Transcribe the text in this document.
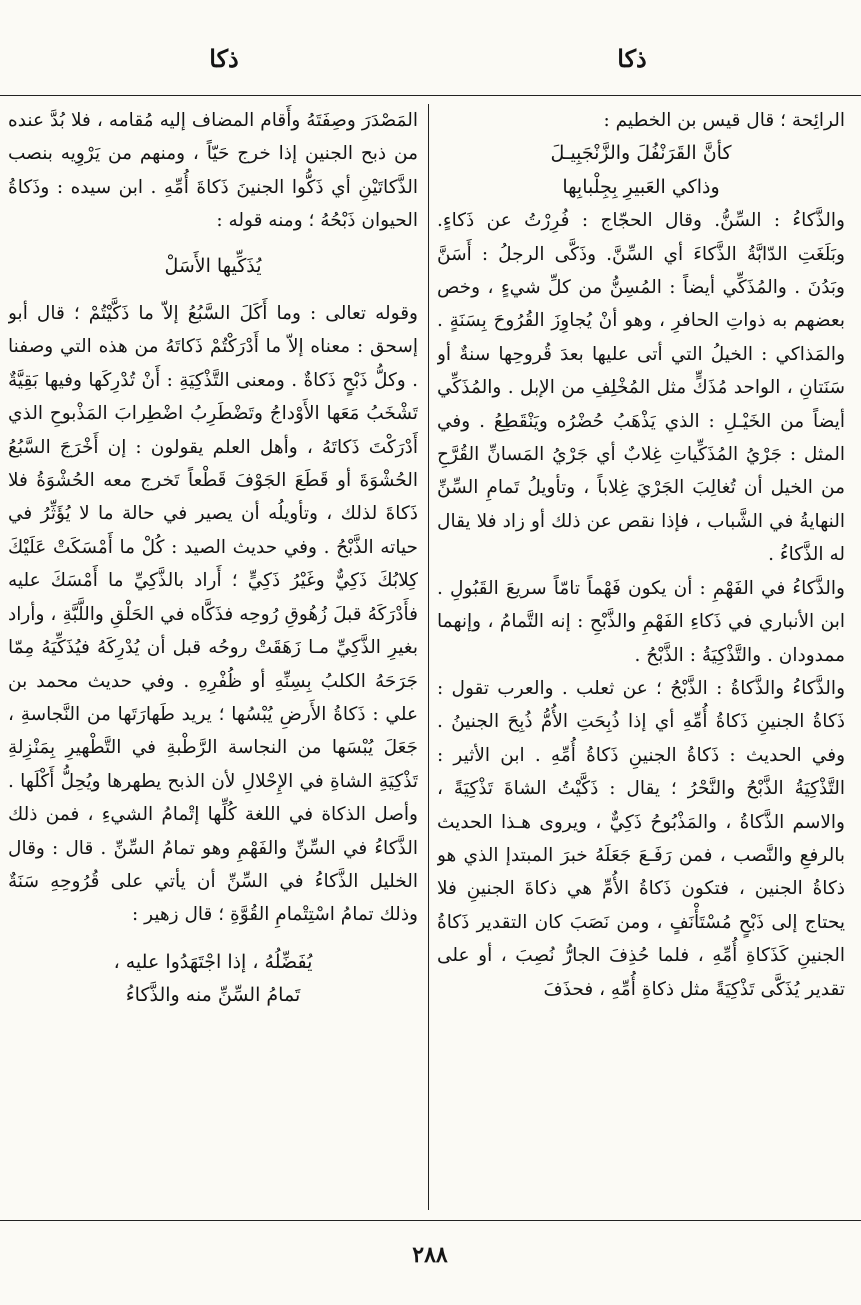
ذكا
ذكا

الرائِحة ؛ قال قيس بن الخطيم :

كأنَّ القَرَنْفُلَ والزَّنْجَبِيـلَ

وذاكي العَبيرِ بِجِلْبابِها

والذَّكاءُ : السِّنُّ. وقال الحجّاج : فُرِرْتُ عن ذَكاءٍ. وبَلَغَتِ الدّابَّةُ الذَّكاءَ أي السِّنَّ. وذَكَّى الرجلُ : أَسَنَّ وبَدُنَ . والمُذَكِّي أيضاً : المُسِنُّ من كلِّ شيءٍ ، وخص بعضهم به ذواتِ الحافرِ ، وهو أنْ يُجاوِزَ القُرُوحَ بِسَنَةٍ . والمَذاكي : الخيلُ التي أتى عليها بعدَ قُروحِها سنةٌ أو سَنَتانِ ، الواحد مُذَكٍّ مثل المُخْلِفِ من الإبل . والمُذَكِّي أيضاً من الخَيْـلِ : الذي يَذْهَبُ حُضْرُه ويَنْقَطِعُ . وفي المثل : جَرْيُ المُذَكِّياتِ غِلابٌ أي جَرْيُ المَسانِّ القُرَّحِ من الخيل أن تُغالِبَ الجَرْيَ غِلاباً ، وتأويلُ تَمامِ السِّنِّ النهايةُ في الشَّباب ، فإذا نقص عن ذلك أو زاد فلا يقال له الذَّكاءُ .

والذَّكاءُ في الفَهْمِ : أن يكون فَهْماً تامّاً سريعَ القَبُولِ . ابن الأنباري في ذَكاءِ الفَهْمِ والذَّبْحِ : إنه التَّمامُ ، وإنهما ممدودان . والتَّذْكِيَةُ : الذَّبْحُ .

والذَّكاءُ والذَّكاةُ : الذَّبْحُ ؛ عن ثعلب . والعرب تقول : ذَكاةُ الجنينِ ذَكاةُ أُمِّهِ أي إذا ذُبِحَتِ الأُمُّ ذُبِحَ الجنينُ . وفي الحديث : ذَكاةُ الجنينِ ذَكاةُ أُمِّهِ . ابن الأثير : التَّذْكِيَةُ الذَّبْحُ والنَّحْرُ ؛ يقال : ذَكَّيْتُ الشاةَ تَذْكِيَةً ، والاسم الذَّكاةُ ، والمَذْبُوحُ ذَكِيٌّ ، ويروى هـذا الحديث بالرفعِ والنَّصب ، فمن رَفَـعَ جَعَلَهُ خبرَ المبتدإ الذي هو ذكاةُ الجنين ، فتكون ذَكاةُ الأُمِّ هي ذكاةَ الجنينِ فلا يحتاج إلى ذَبْحٍ مُسْتَأْنَفٍ ، ومن نَصَبَ كان التقدير ذَكاةُ الجنينِ كَذَكاةِ أُمِّهِ ، فلما حُذِفَ الجارُّ نُصِبَ ، أو على تقدير يُذَكَّى تَذْكِيَةً مثل ذكاةِ أُمِّهِ ، فحذَفَ

المَصْدَرَ وصِفَتَهُ وأَقام المضاف إليه مُقامه ، فلا بُدَّ عنده من ذبح الجنين إذا خرج حَيّاً ، ومنهم من يَرْوِيه بنصب الذَّكاتَيْنِ أي ذَكُّوا الجنينَ ذَكاةَ أُمِّهِ . ابن سيده : وذَكاةُ الحيوان ذَبْحُهُ ؛ ومنه قوله :

يُذَكِّيها الأَسَلْ

وقوله تعالى : وما أَكَلَ السَّبُعُ إلاّ ما ذَكَّيْتُمْ ؛ قال أبو إسحق : معناه إلاّ ما أَدْرَكْتُمْ ذَكاتَهُ من هذه التي وصفنا . وكلُّ ذَبْحٍ ذَكاةٌ . ومعنى التَّذْكِيَةِ : أَنْ تُدْرِكَها وفيها بَقِيَّةٌ تَشْخَبُ مَعَها الأَوْداجُ وتَضْطَرِبُ اضْطِرابَ المَذْبوحِ الذي أَدْرَكْتَ ذَكاتَهُ ، وأهل العلم يقولون : إن أَخْرَجَ السَّبُعُ الحُشْوَةَ أو قَطَعَ الجَوْفَ قَطْعاً تَخرج معه الحُشْوَةُ فلا ذَكاةَ لذلك ، وتأويلُه أن يصير في حالة ما لا يُؤَثِّرُ في حياته الذَّبْحُ . وفي حديث الصيد : كُلْ ما أَمْسَكَتْ عَلَيْكَ كِلابُكَ ذَكِيٌّ وغَيْرُ ذَكِيٍّ ؛ أَراد بالذَّكِيِّ ما أَمْسَكَ عليه فأَدْرَكَهُ قبلَ زُهُوقِ رُوحِه فذَكَّاه في الحَلْقِ واللَّبَّةِ ، وأراد بغيرِ الذَّكِيِّ مـا زَهَقَتْ روحُه قبل أن يُدْرِكَهُ فيُذَكِّيَهُ مِمّا جَرَحَهُ الكلبُ بِسِنِّهِ أو ظُفْرِهِ . وفي حديث محمد بن علي : ذَكاةُ الأَرضِ يُبْسُها ؛ يريد طَهارَتَها من النَّجاسةِ ، جَعَلَ يُبْسَها من النجاسة الرَّطْبةِ في التَّطْهيرِ بِمَنْزِلةِ تَذْكِيَةِ الشاةِ في الإِحْلالِ لأن الذبح يطهرها ويُحِلُّ أَكْلَها . وأصل الذكاة في اللغة كُلِّها إتْمامُ الشيءِ ، فمن ذلك الذَّكاءُ في السِّنِّ والفَهْمِ وهو تمامُ السِّنِّ . قال : وقال الخليل الذَّكاءُ في السِّنِّ أن يأتي على قُرُوحِهِ سَنَةٌ وذلك تمامُ اسْتِتْمامِ القُوَّةِ ؛ قال زهير :

يُفَضِّلُهُ ، إذا اجْتَهَدُوا عليه ،

تَمامُ السِّنِّ منه والذَّكاءُ

٢٨٨
